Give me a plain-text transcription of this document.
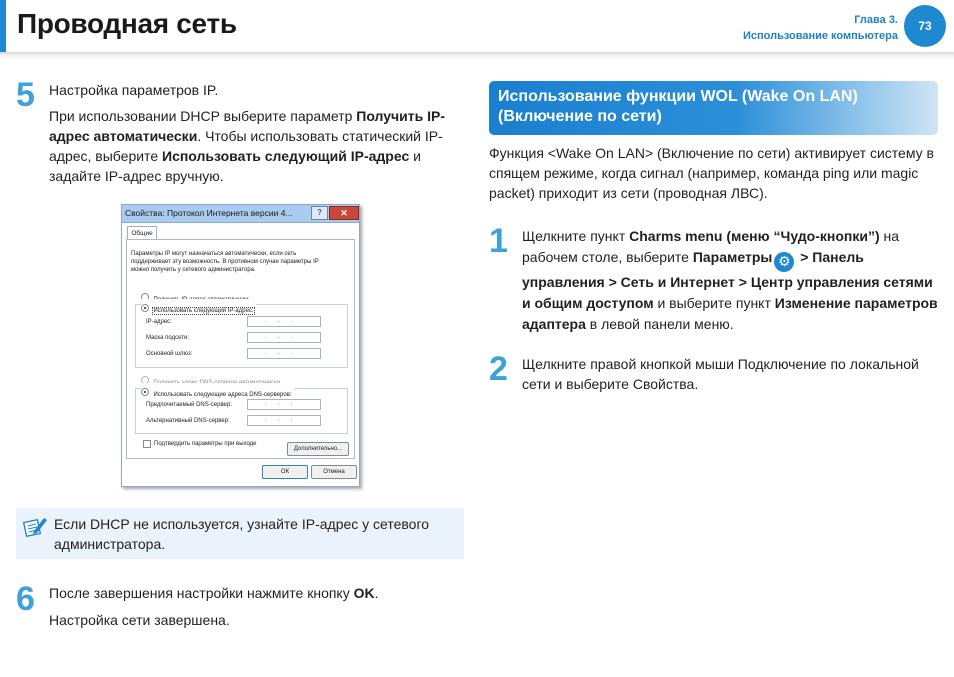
Проводная сеть	Глава 3.
Использование компьютера
73
5 Настройка параметров IP.
При использовании DHCP выберите параметр Получить IP-адрес автоматически. Чтобы использовать статический IP-адрес, выберите Использовать следующий IP-адрес и задайте IP-адрес вручную.
Свойства: Протокол Интернета версии 4...	?	✕
Общие
Параметры IP могут назначаться автоматически, если сеть
поддерживает эту возможность. В противном случае параметры IP
можно получить у сетевого администратора.
Использовать следующий IP-адрес:
IP-адрес:	...
Маска подсети:	...
Основной шлюз:	...
Использовать следующие адреса DNS-серверов:
Предпочитаемый DNS-сервер:	...
Альтернативный DNS-сервер:	...
Подтвердить параметры при выходе
Дополнительно...
ОК	Отмена
Если DHCP не используется, узнайте IP-адрес у сетевого администратора.
6 После завершения настройки нажмите кнопку OK.
Настройка сети завершена.
Использование функции WOL (Wake On LAN) (Включение по сети)
Функция <Wake On LAN> (Включение по сети) активирует систему в спящем режиме, когда сигнал (например, команда ping или magic packet) приходит из сети (проводная ЛВС).
1 Щелкните пункт Charms menu (меню “Чудо-кнопки”) на рабочем столе, выберите Параметры ⚙ > Панель управления > Сеть и Интернет > Центр управления сетями и общим доступом и выберите пункт Изменение параметров адаптера в левой панели меню.
2 Щелкните правой кнопкой мыши Подключение по локальной сети и выберите Свойства.
